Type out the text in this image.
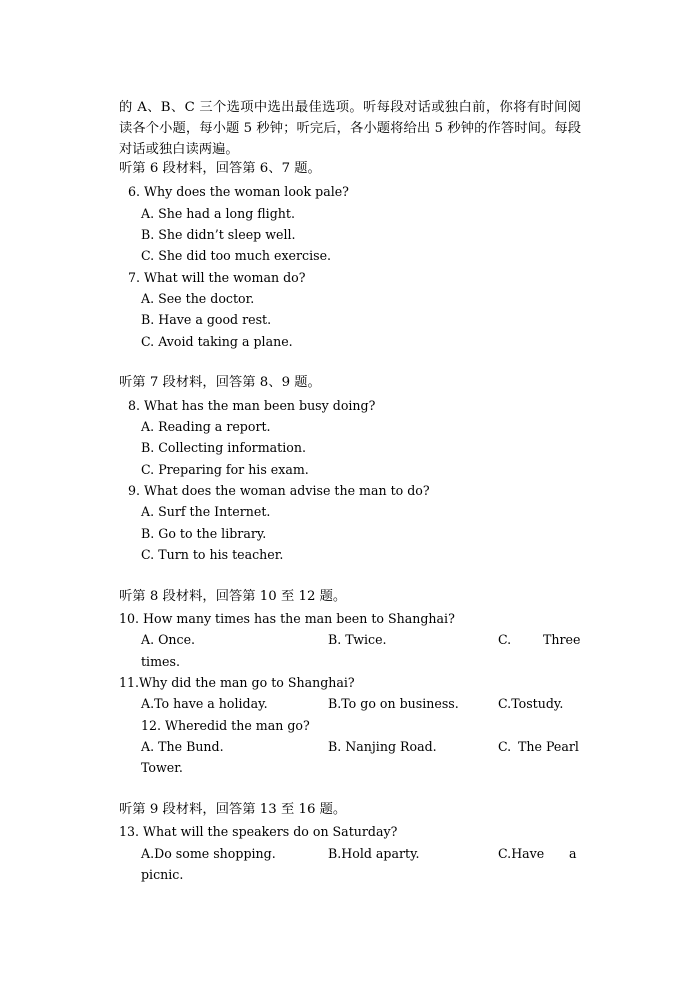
的 A、B、C 三个选项中选出最佳选项。听每段对话或独白前，你将有时间阅读各个小题，每小题 5 秒钟；听完后，各小题将给出 5 秒钟的作答时间。每段对话或独白读两遍。
听第 6 段材料，回答第 6、7 题。
6. Why does the woman look pale?
A. She had a long flight.
B. She didn’t sleep well.
C. She did too much exercise.
7. What will the woman do?
A. See the doctor.
B. Have a good rest.
C. Avoid taking a plane.
听第 7 段材料，回答第 8、9 题。
8. What has the man been busy doing?
A. Reading a report.
B. Collecting information.
C. Preparing for his exam.
9. What does the woman advise the man to do?
A. Surf the Internet.
B. Go to the library.
C. Turn to his teacher.
听第 8 段材料，回答第 10 至 12 题。
10. How many times has the man been to Shanghai?
A. Once.	B. Twice.	C.	Three
times.
11.Why did the man go to Shanghai?
A.To have a holiday.	B.To go on business.	C.Tostudy.
12. Wheredid the man go?
A. The Bund.	B. Nanjing Road.	C. The Pearl
Tower.
听第 9 段材料，回答第 13 至 16 题。
13. What will the speakers do on Saturday?
A.Do some shopping.	B.Hold aparty.	C.Have a
picnic.
